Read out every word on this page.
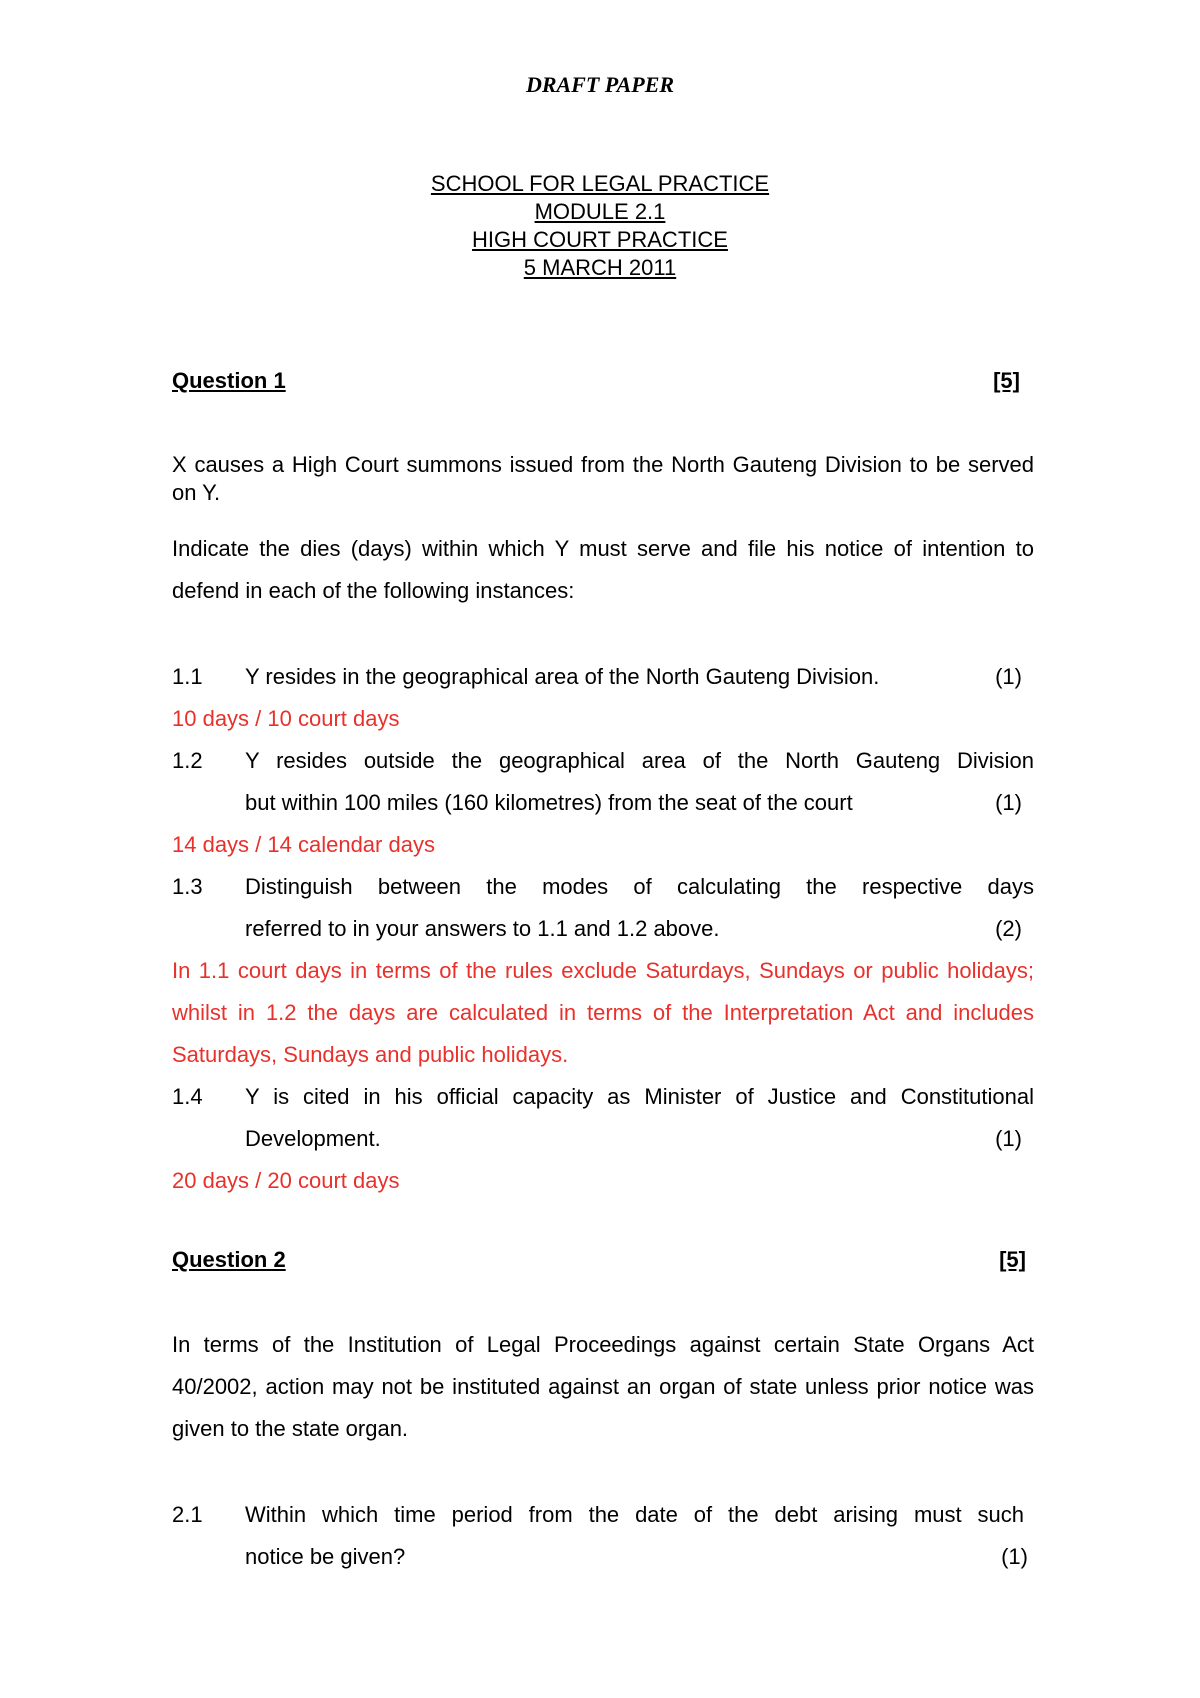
DRAFT PAPER
SCHOOL FOR LEGAL PRACTICE
MODULE 2.1
HIGH COURT PRACTICE
5 MARCH 2011
Question 1	[5]
X causes a High Court summons issued from the North Gauteng Division to be served on Y.
Indicate the dies (days) within which Y must serve and file his notice of intention to defend in each of the following instances:
1.1	Y resides in the geographical area of the North Gauteng Division.	(1)
10 days / 10 court days
1.2	Y resides outside the geographical area of the North Gauteng Division
but within 100 miles (160 kilometres) from the seat of the court	(1)
14 days / 14 calendar days
1.3	Distinguish between the modes of calculating the respective days
referred to in your answers to 1.1 and 1.2 above.	(2)
In 1.1 court days in terms of the rules exclude Saturdays, Sundays or public holidays; whilst in 1.2 the days are calculated in terms of the Interpretation Act and includes Saturdays, Sundays and public holidays.
1.4	Y is cited in his official capacity as Minister of Justice and Constitutional
Development.	(1)
20 days / 20 court days
Question 2	[5]
In terms of the Institution of Legal Proceedings against certain State Organs Act 40/2002, action may not be instituted against an organ of state unless prior notice was given to the state organ.
2.1	Within which time period from the date of the debt arising must such
notice be given?	(1)
